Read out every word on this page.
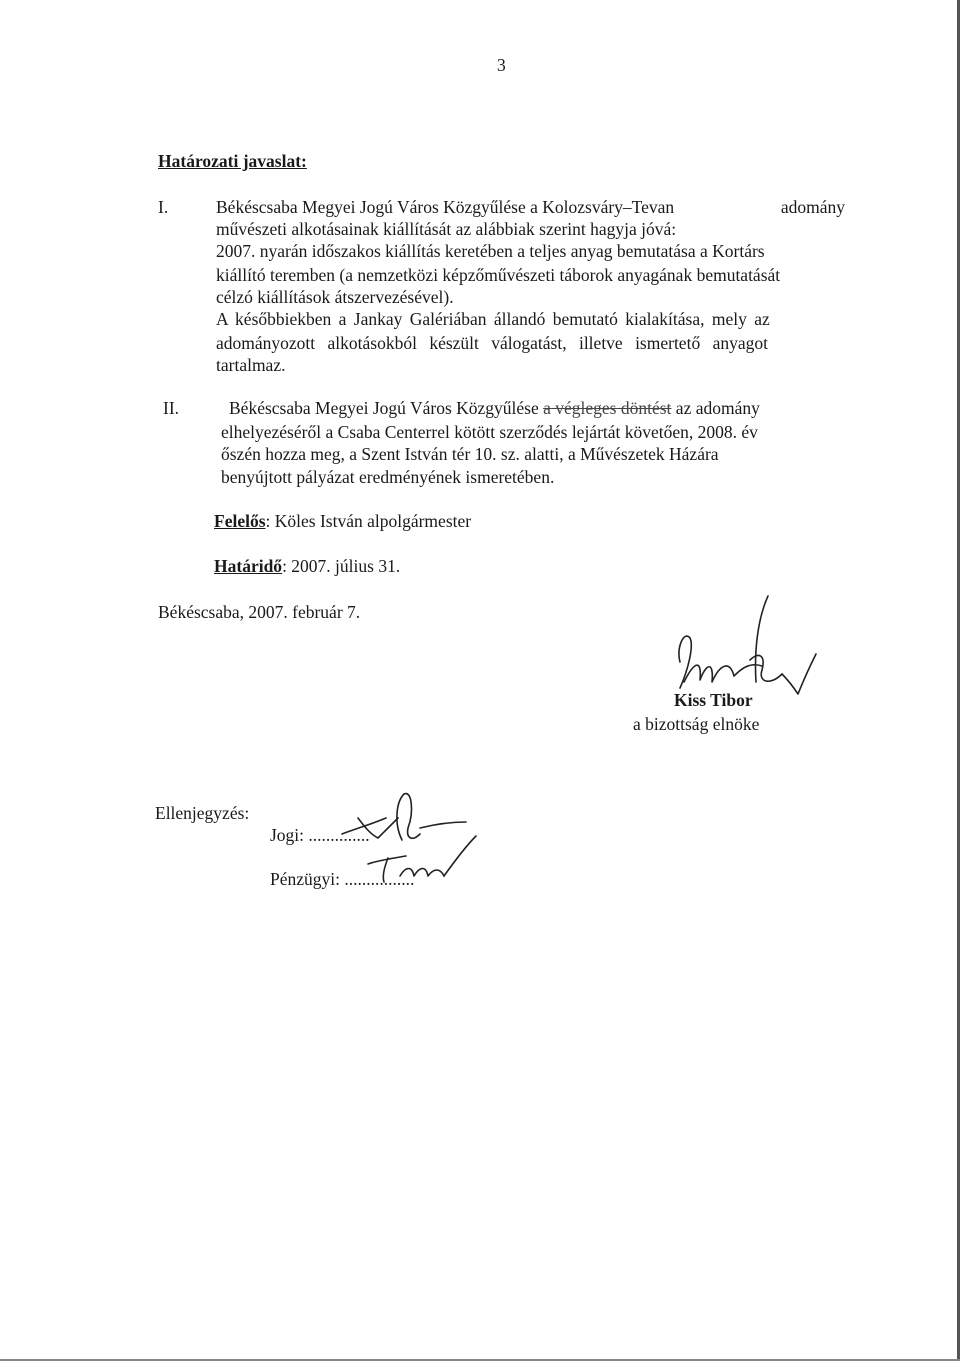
3
Határozati javaslat:
I.	Békéscsaba Megyei Jogú Város Közgyűlése a Kolozsváry–Tevan	adomány
művészeti alkotásainak kiállítását az alábbiak szerint hagyja jóvá:
2007. nyarán időszakos kiállítás keretében a teljes anyag bemutatása a Kortárs
kiállító teremben (a nemzetközi képzőművészeti táborok anyagának bemutatását
célzó kiállítások átszervezésével).
A későbbiekben a Jankay Galériában állandó bemutató kialakítása, mely az
adományozott alkotásokból készült válogatást, illetve ismertető anyagot
tartalmaz.
II.	Békéscsaba Megyei Jogú Város Közgyűlése a végleges döntést az adomány
elhelyezéséről a Csaba Centerrel kötött szerződés lejártát követően, 2008. év
őszén hozza meg, a Szent István tér 10. sz. alatti, a Művészetek Házára
benyújtott pályázat eredményének ismeretében.
Felelős: Köles István alpolgármester
Határidő: 2007. július 31.
Békéscsaba, 2007. február 7.
Kiss Tibor
a bizottság elnöke
Ellenjegyzés:
Jogi: ..............
Pénzügyi: ................
